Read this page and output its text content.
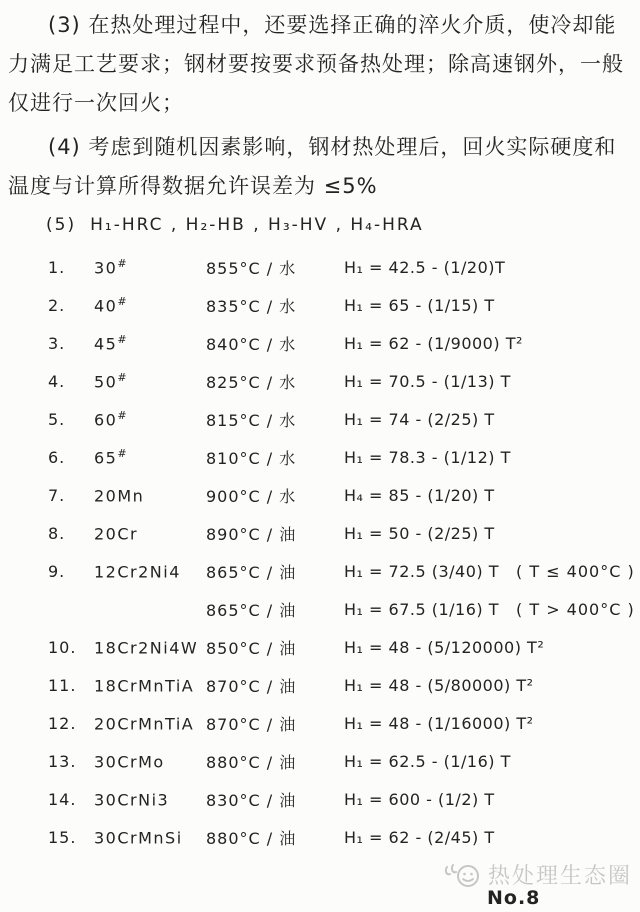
(3) 在热处理过程中，还要选择正确的淬火介质，使冷却能力满足工艺要求；钢材要按要求预备热处理；除高速钢外，一般仅进行一次回火；

(4) 考虑到随机因素影响，钢材热处理后，回火实际硬度和温度与计算所得数据允许误差为 ≤5%

(5) H₁-HRC , H₂-HB , H₃-HV , H₄-HRA
1.	30#	855°C / 水	H₁ = 42.5 - (1/20)T
2.	40#	835°C / 水	H₁ = 65 - (1/15) T
3.	45#	840°C / 水	H₁ = 62 - (1/9000) T²
4.	50#	825°C / 水	H₁ = 70.5 - (1/13) T
5.	60#	815°C / 水	H₁ = 74 - (2/25) T
6.	65#	810°C / 水	H₁ = 78.3 - (1/12) T
7.	20Mn	900°C / 水	H₄ = 85 - (1/20) T
8.	20Cr	890°C / 油	H₁ = 50 - (2/25) T
9.	12Cr2Ni4	865°C / 油	H₁ = 72.5 (3/40) T	( T ≤ 400°C )
865°C / 油	H₁ = 67.5 (1/16) T	( T > 400°C )
10.	18Cr2Ni4W 850°C / 油	H₁ = 48 - (5/120000) T²
11.	18CrMnTiA 870°C / 油	H₁ = 48 - (5/80000) T²
12.	20CrMnTiA 870°C / 油	H₁ = 48 - (1/16000) T²
13.	30CrMo	880°C / 油	H₁ = 62.5 - (1/16) T
14.	30CrNi3	830°C / 油	H₁ = 600 - (1/2) T
15.	30CrMnSi	880°C / 油	H₁ = 62 - (2/45) T
热处理生态圈
No.8
